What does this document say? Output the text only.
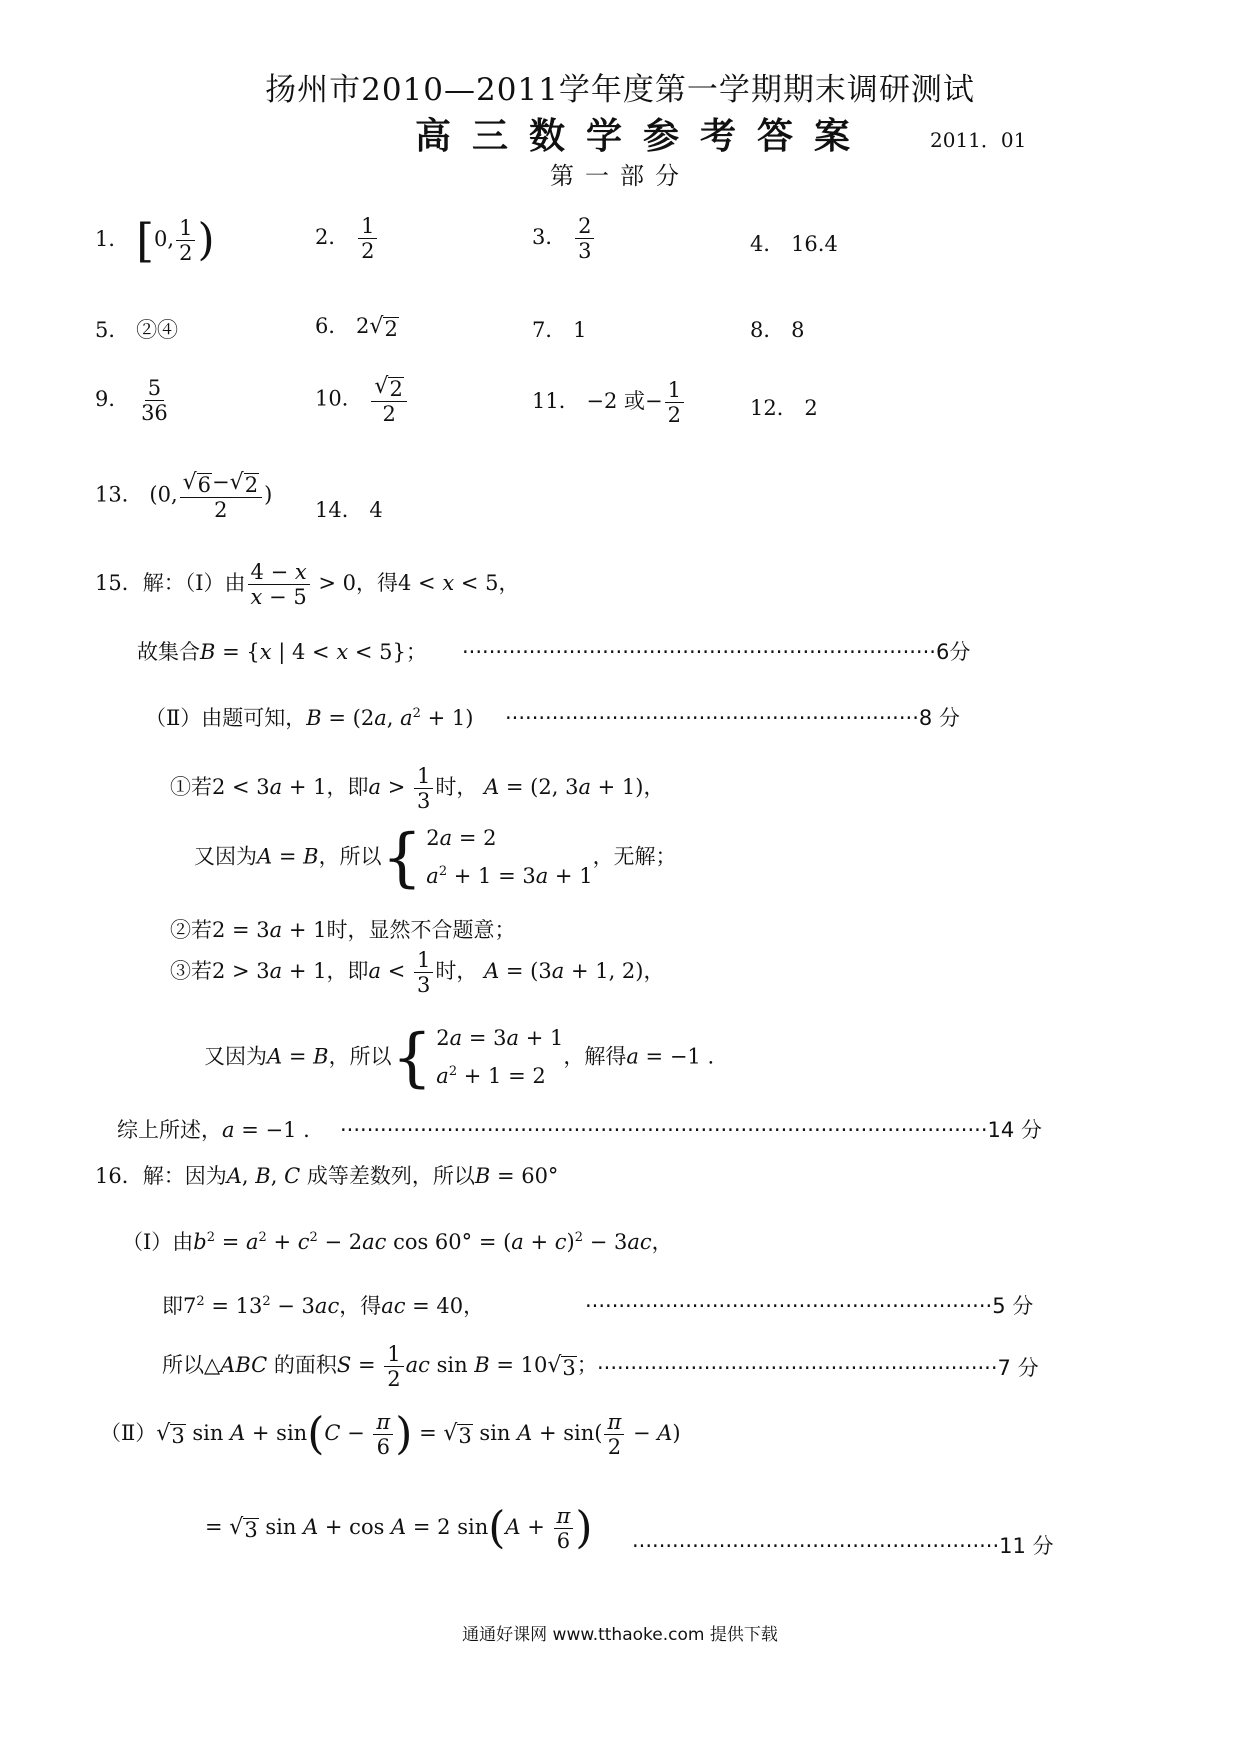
扬州市2010—2011学年度第一学期期末调研测试
高三数学参考答案	2011．01
第一部分
1． [0, $\frac{1}{2}$ )	2． $\frac{1}{2}$	3． $\frac{2}{3}$	4． 16.4
5． ②④	6． 2 √ 2	7． 1	8． 8
9． $\frac{5}{36}$	10． $\frac{√ 2}{2}$	11． −2 或− $\frac{1}{2}$	12． 2
13． (0, $\frac{√ 6 - √ 2}{2}$ )
14． 4
15．解：（Ⅰ）由 $\frac{4 - x}{x - 5} > 0$，得4 < x < 5，
故集合B = {x | 4 < x < 5}； ·······································································6分
（Ⅱ）由题可知，B = (2a, $a^2 + 1) \cdot\cdot\cdot\cdot\cdot\cdot\cdot\cdot\cdot\cdot\cdot\cdot\cdot\cdot\cdot\cdot\cdot\cdot\cdot\cdot\cdot\cdot\cdot\cdot\cdot\cdot\cdot\cdot\cdot\cdot\cdot\cdot\cdot\cdot\cdot\cdot\cdot\cdot\cdot\cdot\cdot\cdot\cdot\cdot\cdot\cdot\cdot\cdot\cdot\cdot\cdot\cdot\cdot\cdot\cdot\cdot\cdot\cdot\cdot\cdot\cdot\cdot 8$ 分
①若2 < 3a + 1，即$a > \frac{1}{3}$ 时， A = (2, 3a + 1)，
又因为A = B，所以 { 2a = 2
$a^2 + 1 = 3a + 1$
，无解；
②若2 = 3a + 1时，显然不合题意；
③若2 > 3a + 1，即$a < \frac{1}{3}$ 时， A = (3a + 1, 2)，
又因为A = B，所以 { 2a = 3a + 1
$a^2 + 1 = 2$
，解得a = −1 .
综上所述，a = −1 . ·································································································14 分
16．解：因为A, B, C 成等差数列，所以B = 60°
（Ⅰ）由$b^2 = a^2 + c^2 - 2ac$ $\cos 60^\circ = (a + c)^2 - 3ac$，
即$7^2 = 13^2 - 3ac$，得ac = 40，	·····························································5 分
所以△ABC 的面积$S = \frac{1}{2}$ ac sin B = 10 √ 3 ； ····························································7 分
（Ⅱ） √ 3 $\sin A + \sin(C - \frac{\pi}{6}$ ) = √ 3 $\sin A + \sin( \frac{\pi}{2} - A)$
= √ 3 sin A + cos A = 2 $\sin(A + \frac{\pi}{6}$ ) ·······················································11 分
通通好课网 www.tthaoke.com 提供下载
